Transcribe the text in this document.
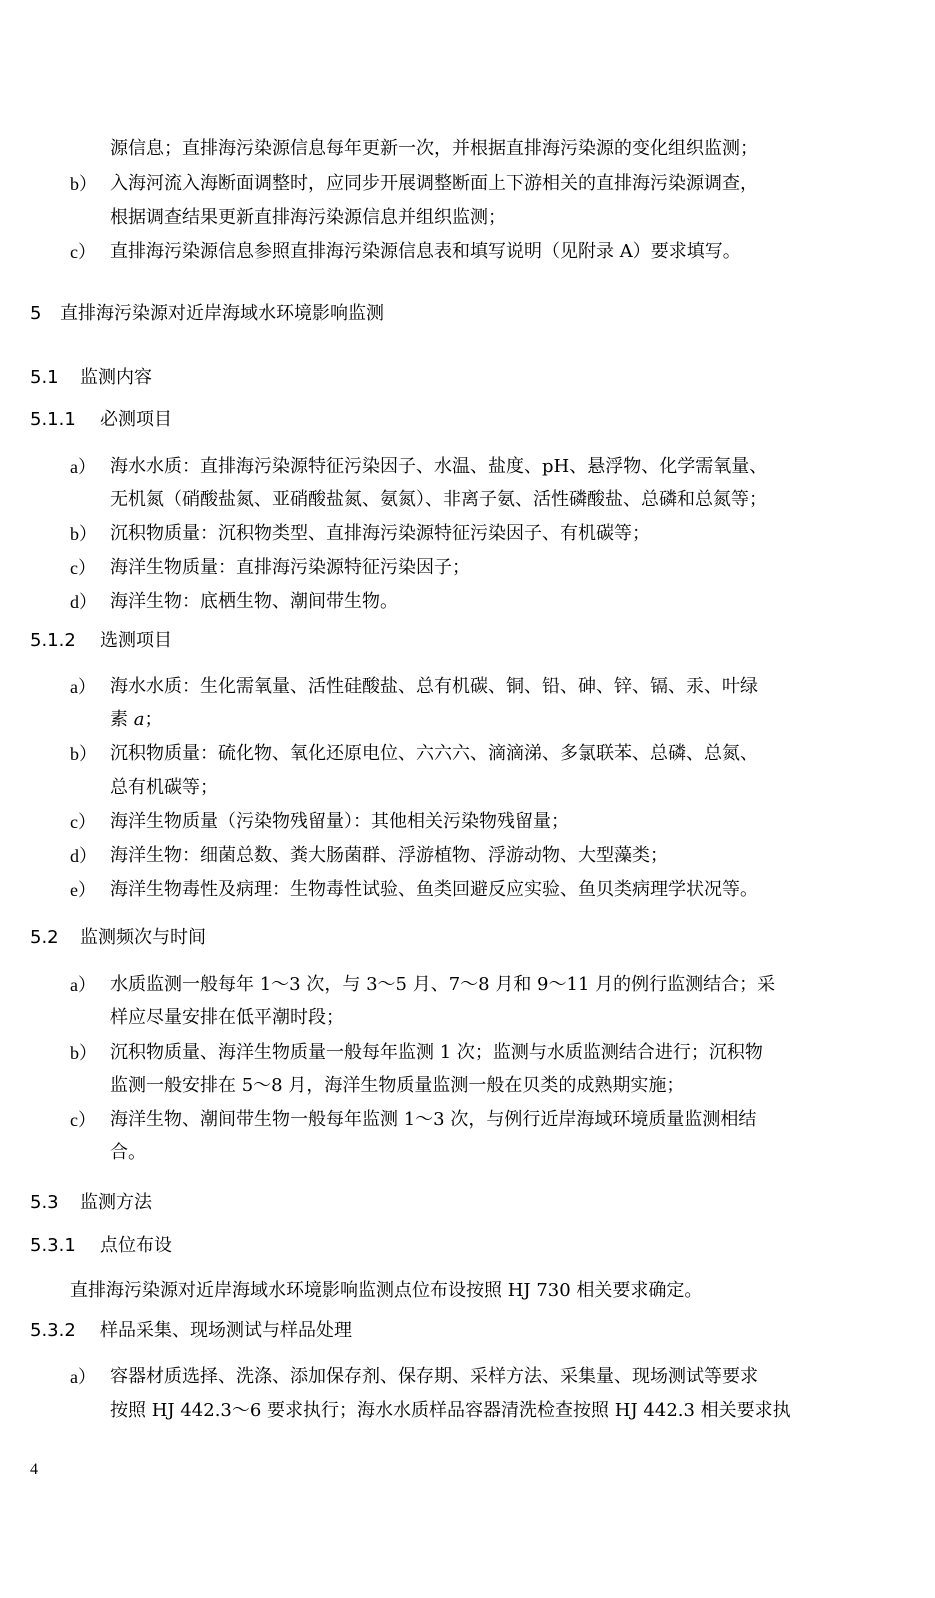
源信息；直排海污染源信息每年更新一次，并根据直排海污染源的变化组织监测；
b） 入海河流入海断面调整时，应同步开展调整断面上下游相关的直排海污染源调查，
根据调查结果更新直排海污染源信息并组织监测；
c） 直排海污染源信息参照直排海污染源信息表和填写说明（见附录 A）要求填写。
5 直排海污染源对近岸海域水环境影响监测
5.1 监测内容
5.1.1 必测项目
a） 海水水质：直排海污染源特征污染因子、水温、盐度、pH、悬浮物、化学需氧量、
无机氮（硝酸盐氮、亚硝酸盐氮、氨氮）、非离子氨、活性磷酸盐、总磷和总氮等；
b） 沉积物质量：沉积物类型、直排海污染源特征污染因子、有机碳等；
c） 海洋生物质量：直排海污染源特征污染因子；
d） 海洋生物：底栖生物、潮间带生物。
5.1.2 选测项目
a） 海水水质：生化需氧量、活性硅酸盐、总有机碳、铜、铅、砷、锌、镉、汞、叶绿
素 a；
b） 沉积物质量：硫化物、氧化还原电位、六六六、滴滴涕、多氯联苯、总磷、总氮、
总有机碳等；
c） 海洋生物质量（污染物残留量）：其他相关污染物残留量；
d） 海洋生物：细菌总数、粪大肠菌群、浮游植物、浮游动物、大型藻类；
e） 海洋生物毒性及病理：生物毒性试验、鱼类回避反应实验、鱼贝类病理学状况等。
5.2 监测频次与时间
a） 水质监测一般每年 1～3 次，与 3～5 月、7～8 月和 9～11 月的例行监测结合；采
样应尽量安排在低平潮时段；
b） 沉积物质量、海洋生物质量一般每年监测 1 次；监测与水质监测结合进行；沉积物
监测一般安排在 5～8 月，海洋生物质量监测一般在贝类的成熟期实施；
c） 海洋生物、潮间带生物一般每年监测 1～3 次，与例行近岸海域环境质量监测相结
合。
5.3 监测方法
5.3.1 点位布设
直排海污染源对近岸海域水环境影响监测点位布设按照 HJ 730 相关要求确定。
5.3.2 样品采集、现场测试与样品处理
a） 容器材质选择、洗涤、添加保存剂、保存期、采样方法、采集量、现场测试等要求
按照 HJ 442.3～6 要求执行；海水水质样品容器清洗检查按照 HJ 442.3 相关要求执
4
